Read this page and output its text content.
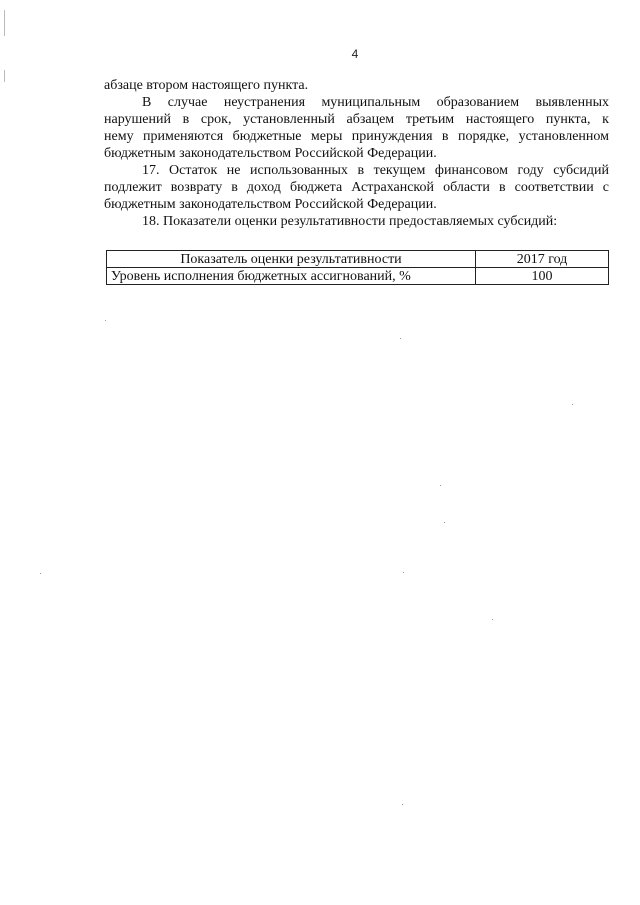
4
абзаце втором настоящего пункта.
В случае неустранения муниципальным образованием выявленных
нарушений в срок, установленный абзацем третьим настоящего пункта, к
нему применяются бюджетные меры принуждения в порядке, установленном
бюджетным законодательством Российской Федерации.
17. Остаток не использованных в текущем финансовом году субсидий
подлежит возврату в доход бюджета Астраханской области в соответствии с
бюджетным законодательством Российской Федерации.
18. Показатели оценки результативности предоставляемых субсидий:
Показатель оценки результативности	2017 год
Уровень исполнения бюджетных ассигнований, %	100
